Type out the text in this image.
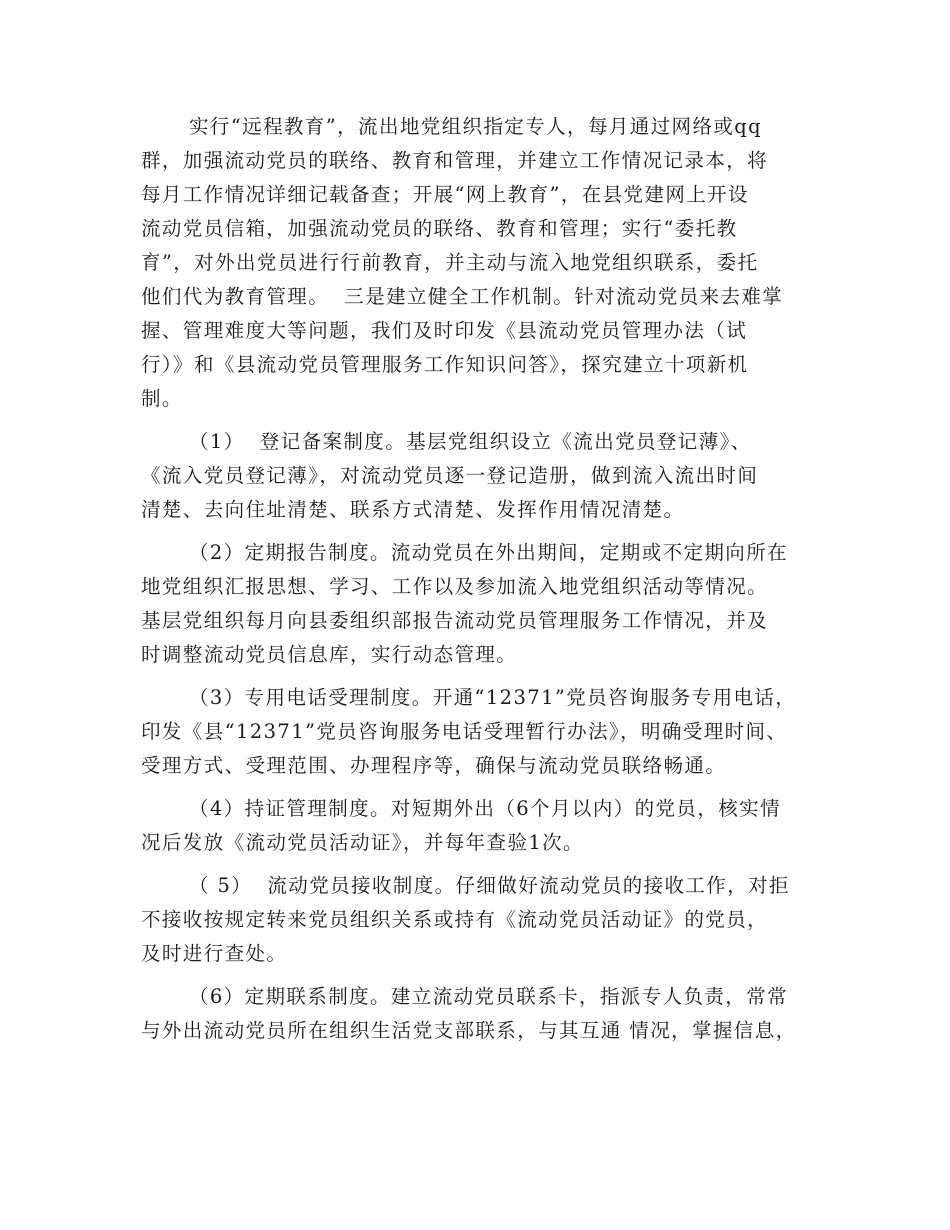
实行“远程教育”，流出地党组织指定专人，每月通过网络或qq
群，加强流动党员的联络、教育和管理，并建立工作情况记录本，将
每月工作情况详细记载备查；开展“网上教育”，在县党建网上开设
流动党员信箱，加强流动党员的联络、教育和管理；实行“委托教
育”，对外出党员进行行前教育，并主动与流入地党组织联系，委托
他们代为教育管理。  三是建立健全工作机制。针对流动党员来去难掌
握、管理难度大等问题，我们及时印发《县流动党员管理办法（试
行）》和《县流动党员管理服务工作知识问答》，探究建立十项新机
制。
（1）  登记备案制度。基层党组织设立《流出党员登记薄》、
《流入党员登记薄》，对流动党员逐一登记造册，做到流入流出时间
清楚、去向住址清楚、联系方式清楚、发挥作用情况清楚。
（2）定期报告制度。流动党员在外出期间，定期或不定期向所在
地党组织汇报思想、学习、工作以及参加流入地党组织活动等情况。
基层党组织每月向县委组织部报告流动党员管理服务工作情况，并及
时调整流动党员信息库，实行动态管理。
（3）专用电话受理制度。开通“12371”党员咨询服务专用电话，
印发《县“12371”党员咨询服务电话受理暂行办法》，明确受理时间、
受理方式、受理范围、办理程序等，确保与流动党员联络畅通。
（4）持证管理制度。对短期外出（6个月以内）的党员，核实情
况后发放《流动党员活动证》，并每年查验1次。
（ 5）  流动党员接收制度。仔细做好流动党员的接收工作，对拒
不接收按规定转来党员组织关系或持有《流动党员活动证》的党员，
及时进行查处。
（6）定期联系制度。建立流动党员联系卡，指派专人负责，常常
与外出流动党员所在组织生活党支部联系，与其互通 情况，掌握信息，
